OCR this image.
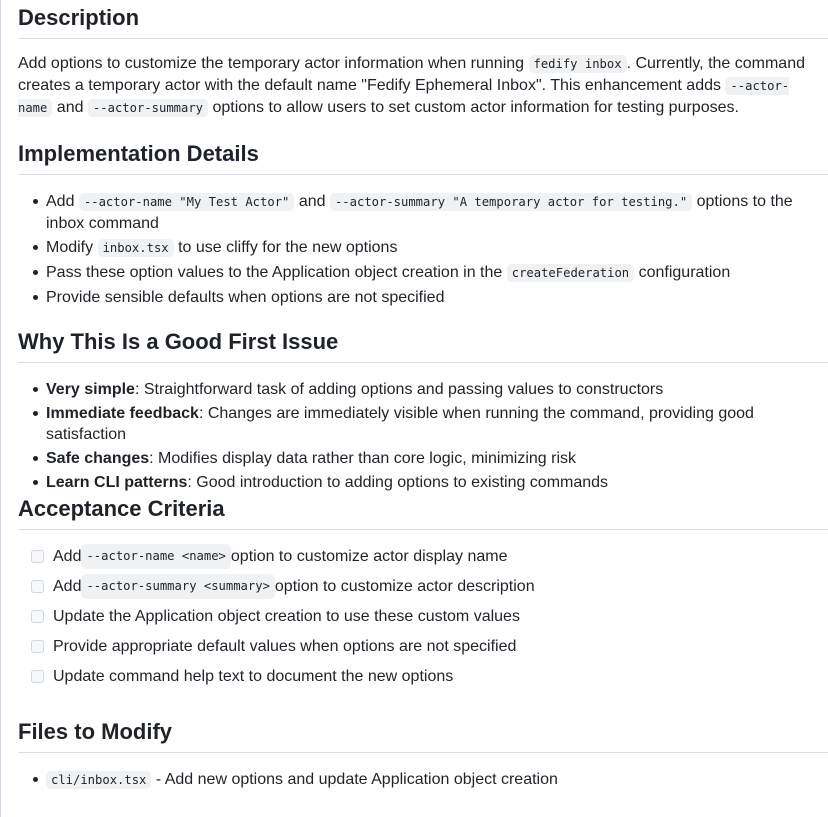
Description

Add options to customize the temporary actor information when running fedify inbox . Currently, the command creates a temporary actor with the default name "Fedify Ephemeral Inbox". This enhancement adds --actor-name and --actor-summary options to allow users to set custom actor information for testing purposes.

Implementation Details
Add --actor-name "My Test Actor" and --actor-summary "A temporary actor for testing." options to the inbox command
Modify inbox.tsx to use cliffy for the new options
Pass these option values to the Application object creation in the createFederation configuration
Provide sensible defaults when options are not specified
Why This Is a Good First Issue
Very simple: Straightforward task of adding options and passing values to constructors
Immediate feedback: Changes are immediately visible when running the command, providing good satisfaction
Safe changes: Modifies display data rather than core logic, minimizing risk
Learn CLI patterns: Good introduction to adding options to existing commands
Acceptance Criteria
Add --actor-name <name> option to customize actor display name
Add --actor-summary <summary> option to customize actor description
Update the Application object creation to use these custom values
Provide appropriate default values when options are not specified
Update command help text to document the new options
Files to Modify
cli/inbox.tsx - Add new options and update Application object creation
